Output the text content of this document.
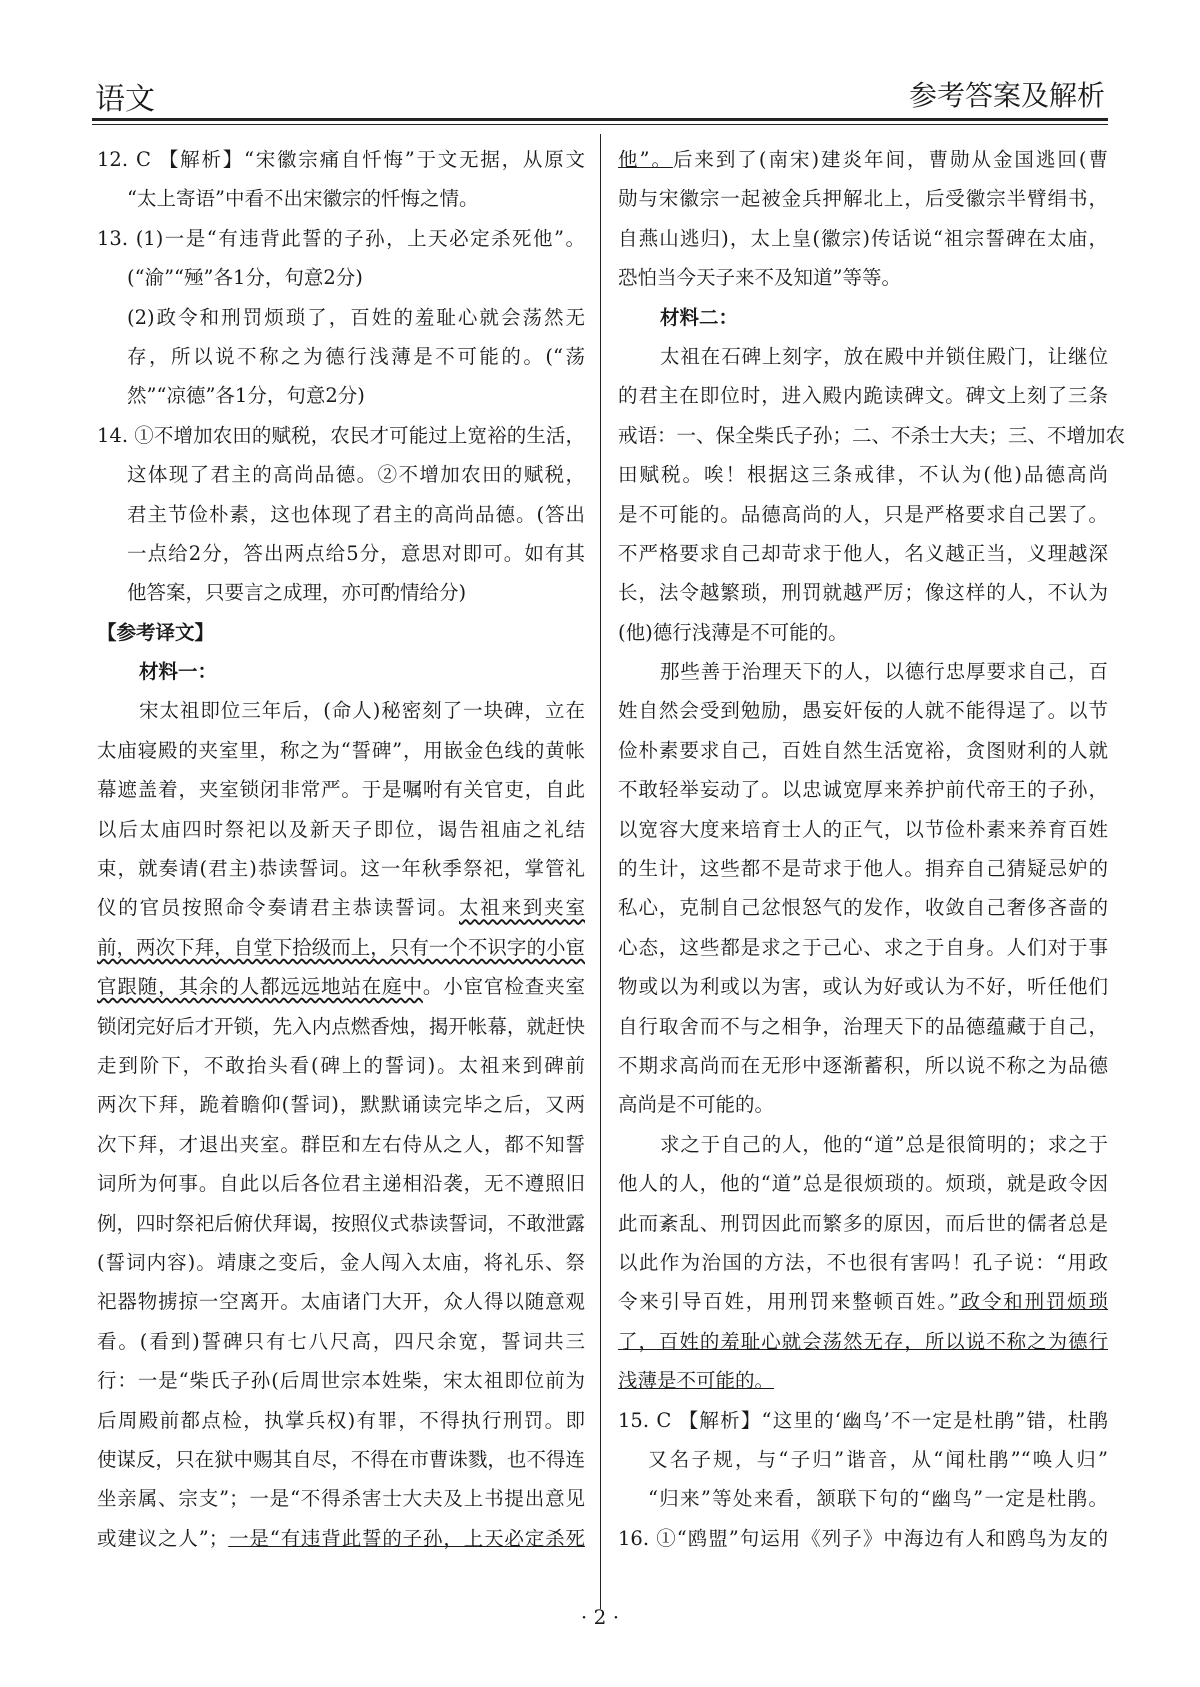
语文	参考答案及解析
12. C 【解析】“宋徽宗痛自忏悔”于文无据，从原文
“太上寄语”中看不出宋徽宗的忏悔之情。
13. (1)一是“有违背此誓的子孙，上天必定杀死他”。
(“渝”“殛”各1分，句意2分)
(2)政令和刑罚烦琐了，百姓的羞耻心就会荡然无
存，所以说不称之为德行浅薄是不可能的。(“荡
然”“凉德”各1分，句意2分)
14. ①不增加农田的赋税，农民才可能过上宽裕的生活，
这体现了君主的高尚品德。②不增加农田的赋税，
君主节俭朴素，这也体现了君主的高尚品德。(答出
一点给2分，答出两点给5分，意思对即可。如有其
他答案，只要言之成理，亦可酌情给分)
【参考译文】
材料一：
宋太祖即位三年后，(命人)秘密刻了一块碑，立在
太庙寝殿的夹室里，称之为“誓碑”，用嵌金色线的黄帐
幕遮盖着，夹室锁闭非常严。于是嘱咐有关官吏，自此
以后太庙四时祭祀以及新天子即位，谒告祖庙之礼结
束，就奏请(君主)恭读誓词。这一年秋季祭祀，掌管礼
仪的官员按照命令奏请君主恭读誓词。太祖来到夹室
前，两次下拜，自堂下拾级而上，只有一个不识字的小宦
官跟随，其余的人都远远地站在庭中。小宦官检查夹室
锁闭完好后才开锁，先入内点燃香烛，揭开帐幕，就赶快
走到阶下，不敢抬头看(碑上的誓词)。太祖来到碑前
两次下拜，跪着瞻仰(誓词)，默默诵读完毕之后，又两
次下拜，才退出夹室。群臣和左右侍从之人，都不知誓
词所为何事。自此以后各位君主递相沿袭，无不遵照旧
例，四时祭祀后俯伏拜谒，按照仪式恭读誓词，不敢泄露
(誓词内容)。靖康之变后，金人闯入太庙，将礼乐、祭
祀器物掳掠一空离开。太庙诸门大开，众人得以随意观
看。(看到)誓碑只有七八尺高，四尺余宽，誓词共三
行：一是“柴氏子孙(后周世宗本姓柴，宋太祖即位前为
后周殿前都点检，执掌兵权)有罪，不得执行刑罚。即
使谋反，只在狱中赐其自尽，不得在市曹诛戮，也不得连
坐亲属、宗支”；一是“不得杀害士大夫及上书提出意见
或建议之人”；一是“有违背此誓的子孙，上天必定杀死
他”。后来到了(南宋)建炎年间，曹勋从金国逃回(曹
勋与宋徽宗一起被金兵押解北上，后受徽宗半臂绢书，
自燕山逃归)，太上皇(徽宗)传话说“祖宗誓碑在太庙，
恐怕当今天子来不及知道”等等。
材料二：
太祖在石碑上刻字，放在殿中并锁住殿门，让继位
的君主在即位时，进入殿内跪读碑文。碑文上刻了三条
戒语：一、保全柴氏子孙；二、不杀士大夫；三、不增加农
田赋税。唉！根据这三条戒律，不认为(他)品德高尚
是不可能的。品德高尚的人，只是严格要求自己罢了。
不严格要求自己却苛求于他人，名义越正当，义理越深
长，法令越繁琐，刑罚就越严厉；像这样的人，不认为
(他)德行浅薄是不可能的。
那些善于治理天下的人，以德行忠厚要求自己，百
姓自然会受到勉励，愚妄奸佞的人就不能得逞了。以节
俭朴素要求自己，百姓自然生活宽裕，贪图财利的人就
不敢轻举妄动了。以忠诚宽厚来养护前代帝王的子孙，
以宽容大度来培育士人的正气，以节俭朴素来养育百姓
的生计，这些都不是苛求于他人。捐弃自己猜疑忌妒的
私心，克制自己忿恨怒气的发作，收敛自己奢侈吝啬的
心态，这些都是求之于己心、求之于自身。人们对于事
物或以为利或以为害，或认为好或认为不好，听任他们
自行取舍而不与之相争，治理天下的品德蕴藏于自己，
不期求高尚而在无形中逐渐蓄积，所以说不称之为品德
高尚是不可能的。
求之于自己的人，他的“道”总是很简明的；求之于
他人的人，他的“道”总是很烦琐的。烦琐，就是政令因
此而紊乱、刑罚因此而繁多的原因，而后世的儒者总是
以此作为治国的方法，不也很有害吗！孔子说：“用政
令来引导百姓，用刑罚来整顿百姓。”政令和刑罚烦琐
了，百姓的羞耻心就会荡然无存，所以说不称之为德行
浅薄是不可能的。
15. C 【解析】“这里的‘幽鸟’不一定是杜鹃”错，杜鹃
又名子规，与“子归”谐音，从“闻杜鹃”“唤人归”
“归来”等处来看，颔联下句的“幽鸟”一定是杜鹃。
16. ①“鸥盟”句运用《列子》中海边有人和鸥鸟为友的
· 2 ·
